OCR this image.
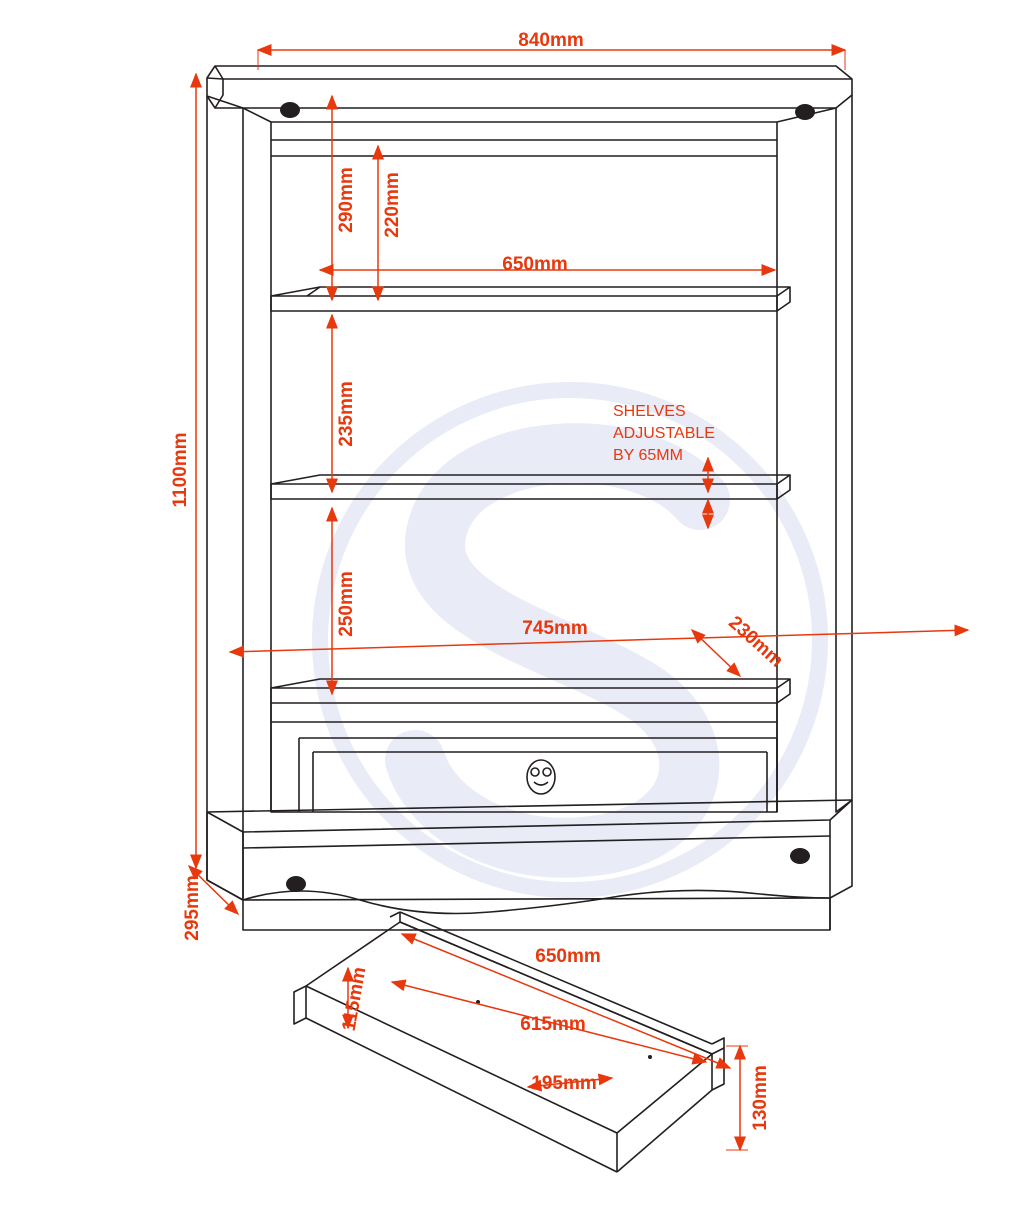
840mm
1100mm
295mm
290mm 220mm
650mm
235mm
250mm	745mm	230mm
650mm
615mm
115mm
195mm	130mm
SHELVES
ADJUSTABLE
BY 65MM
